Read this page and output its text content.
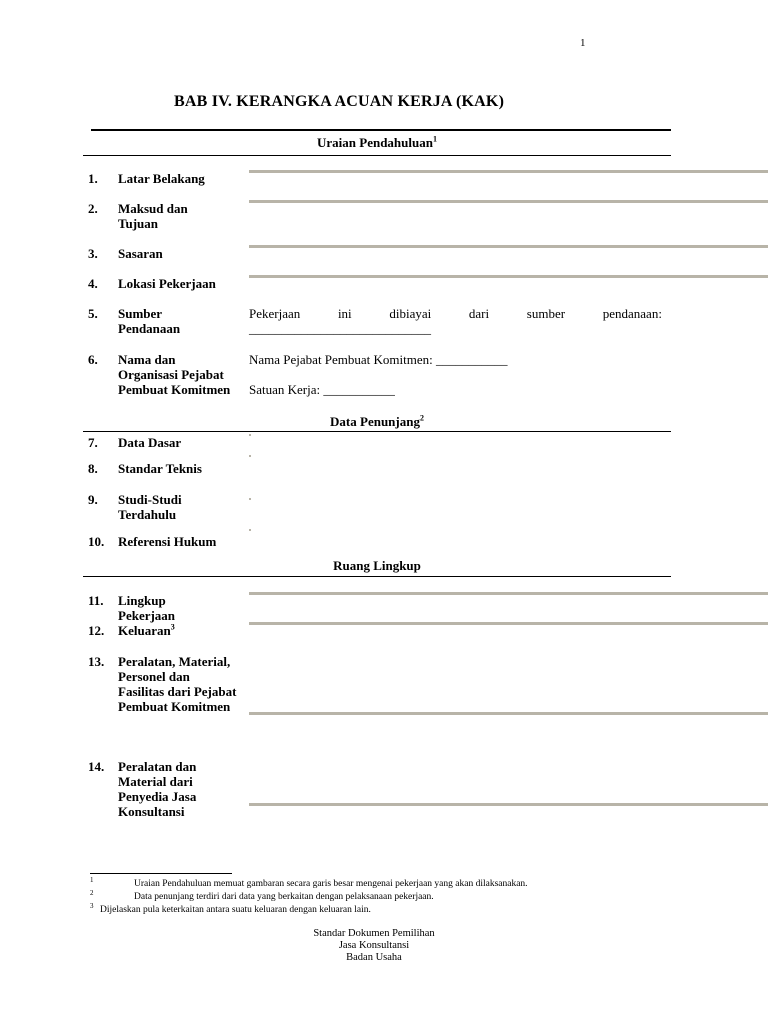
1
BAB IV. KERANGKA ACUAN KERJA (KAK)
Uraian Pendahuluan$^1$
1. Latar Belakang
2. Maksud dan Tujuan
3. Sasaran
4. Lokasi Pekerjaan
5. Sumber Pendanaan
Pekerjaan	ini	dibiayai	dari	sumber	pendanaan:
____________________________
6. Nama dan Organisasi Pejabat Pembuat Komitmen
Nama Pejabat Pembuat Komitmen: ___________
Satuan Kerja: ___________
Data Penunjang$^2$
7. Data Dasar
8. Standar Teknis
9. Studi-Studi Terdahulu
10. Referensi Hukum
Ruang Lingkup
11. Lingkup Pekerjaan
12. Keluaran$^3$
13. Peralatan, Material, Personel dan Fasilitas dari Pejabat Pembuat Komitmen
14. Peralatan dan Material dari Penyedia Jasa Konsultansi
1	Uraian Pendahuluan memuat gambaran secara garis besar mengenai pekerjaan yang akan dilaksanakan.
2	Data penunjang terdiri dari data yang berkaitan dengan pelaksanaan pekerjaan.
3 Dijelaskan pula keterkaitan antara suatu keluaran dengan keluaran lain.
Standar Dokumen Pemilihan
Jasa Konsultansi
Badan Usaha
